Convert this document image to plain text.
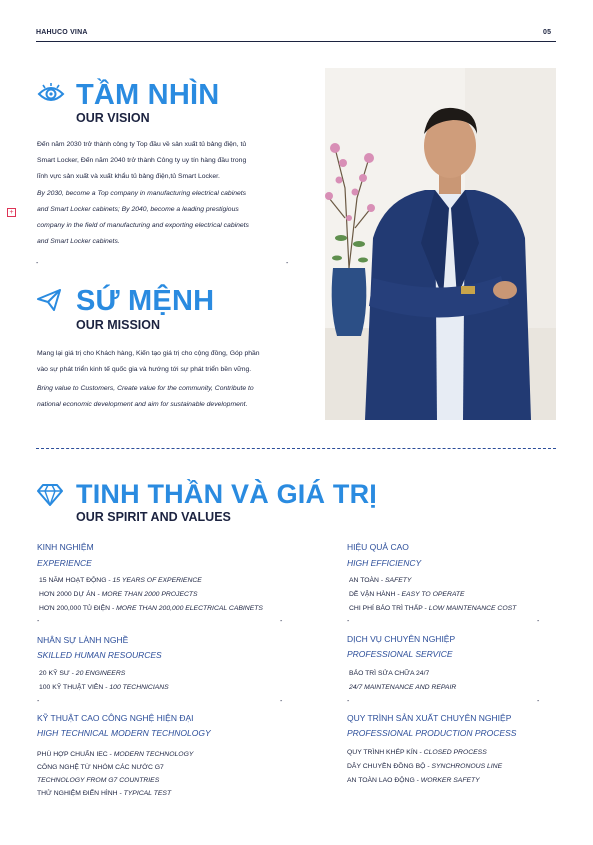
HAHUCO VINA	05
+
TẦM NHÌN
OUR VISION
Đến năm 2030 trở thành công ty Top đầu về sản xuất tủ bảng điện, tủ
Smart Locker, Đến năm 2040 trở thành Công ty uy tín hàng đầu trong
lĩnh vực sản xuất và xuất khẩu tủ bảng điện,tủ Smart Locker.
By 2030, become a Top company in manufacturing electrical cabinets
and Smart Locker cabinets; By 2040, become a leading prestigious
company in the field of manufacturing and exporting electrical cabinets
and Smart Locker cabinets.
-	-
SỨ MỆNH
OUR MISSION
Mang lại giá trị cho Khách hàng, Kiến tạo giá trị cho cộng đồng, Góp phần
vào sự phát triển kinh tế quốc gia và hướng tới sự phát triển bền vững.
Bring value to Customers, Create value for the community, Contribute to
national economic development and aim for sustainable development.
TINH THẦN VÀ GIÁ TRỊ
OUR SPIRIT AND VALUES
KINH NGHIỆM
EXPERIENCE
15 NĂM HOẠT ĐỘNG - 15 YEARS OF EXPERIENCE
HƠN 2000 DỰ ÁN - MORE THAN 2000 PROJECTS
HƠN 200,000 TỦ ĐIỆN - MORE THAN 200,000 ELECTRICAL CABINETS
-	-
NHÂN SỰ LÀNH NGHỀ
SKILLED HUMAN RESOURCES
20 KỸ SƯ - 20 ENGINEERS
100 KỸ THUẬT VIÊN - 100 TECHNICIANS
-	-
KỸ THUẬT CAO CÔNG NGHỆ HIỆN ĐẠI
HIGH TECHNICAL MODERN TECHNOLOGY
PHÙ HỢP CHUẨN IEC - MODERN TECHNOLOGY
CÔNG NGHỆ TỪ NHÓM CÁC NƯỚC G7
TECHNOLOGY FROM G7 COUNTRIES
THỬ NGHIỆM ĐIỂN HÌNH - TYPICAL TEST
HIỆU QUẢ CAO
HIGH EFFICIENCY
AN TOÀN - SAFETY
DỄ VẬN HÀNH - EASY TO OPERATE
CHI PHÍ BẢO TRÌ THẤP - LOW MAINTENANCE COST
-	-
DỊCH VỤ CHUYÊN NGHIỆP
PROFESSIONAL SERVICE
BẢO TRÌ SỬA CHỮA 24/7
24/7 MAINTENANCE AND REPAIR
-	-
QUY TRÌNH SẢN XUẤT CHUYÊN NGHIỆP
PROFESSIONAL PRODUCTION PROCESS
QUY TRÌNH KHÉP KÍN - CLOSED PROCESS
DÂY CHUYỀN ĐỒNG BỘ - SYNCHRONOUS LINE
AN TOÀN LAO ĐỘNG - WORKER SAFETY
